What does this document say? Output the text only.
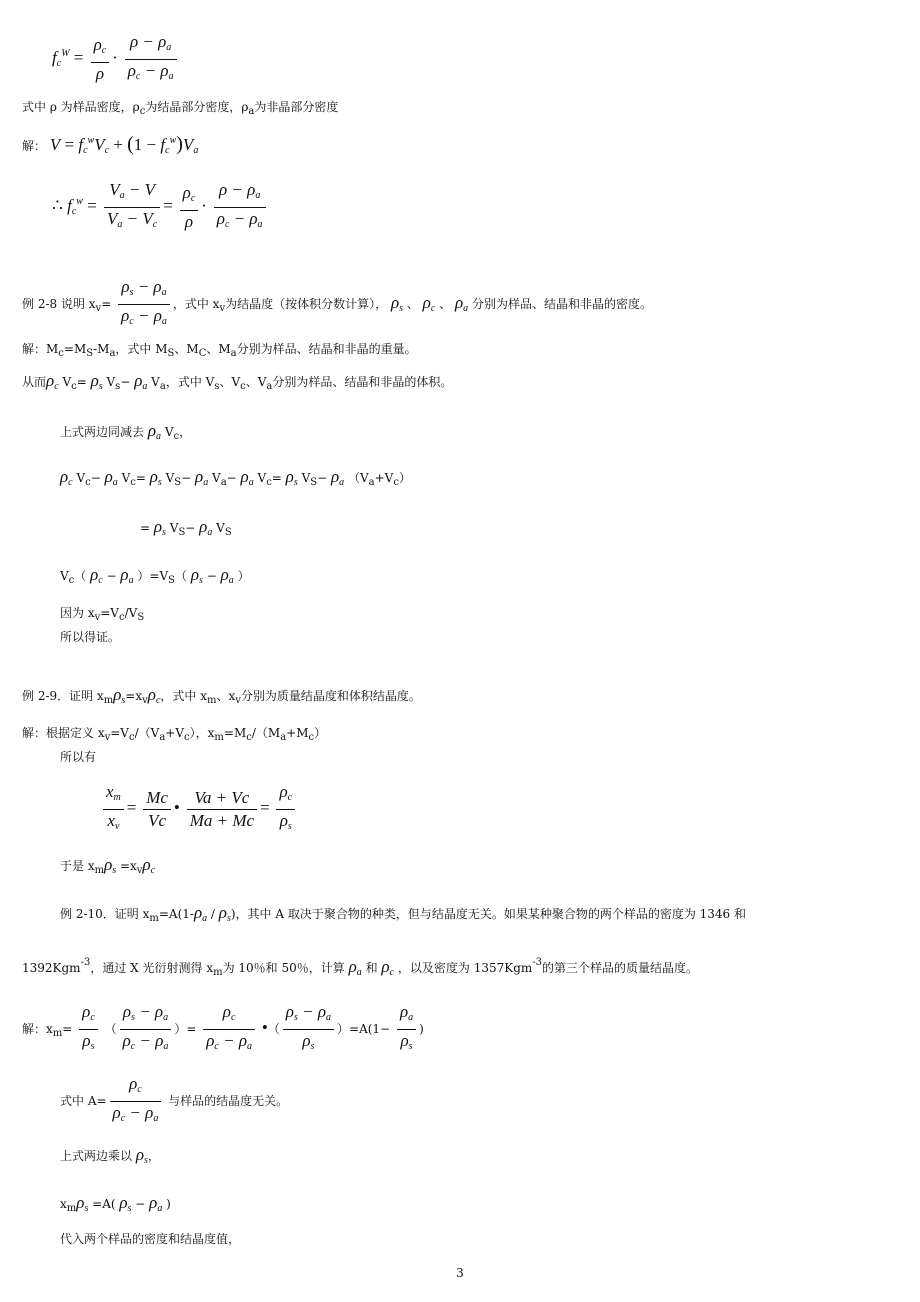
$f_c^W = \frac{\rho_c}{\rho} \cdot \frac{\rho - \rho_a}{\rho_c - \rho_a}$
式中 ρ 为样品密度，$\rho_c$为结晶部分密度，$\rho_a$为非晶部分密度
解： $V = f_c^wV_c + (1 - f_c^w)V_a$
∴ $f_c^w = \frac{V_a - V}{V_a - V_c} = \frac{\rho_c}{\rho} \cdot \frac{\rho - \rho_a}{\rho_c - \rho_a}$
例 2-8 说明 $x_v= \frac{\rho_s - \rho_a}{\rho_c - \rho_a}$ ，式中 $x_v$为结晶度（按体积分数计算）， $\rho_s$ 、 $\rho_c$ 、 $\rho_a$ 分别为样品、结晶和非晶的密度。
解：$M_c=M_S-M_a$，式中 $M_S$、$M_C$、$M_a$分别为样品、结晶和非晶的重量。
从而$\rho_c$ $V_c= \rho_s$ $V_s- \rho_a$ $V_a$，式中 $V_s$、$V_c$、$V_a$分别为样品、结晶和非晶的体积。
上式两边同减去 $\rho_a$ $V_c$，
$\rho_c$ $V_c- \rho_a$ $V_c= \rho_s$ $V_S- \rho_a$ $V_a- \rho_a$ $V_c= \rho_s$ $V_S- \rho_a$ $(V_a+V_c)$
= $\rho_s$ $V_S- \rho_a$ $V_S$
$V_c$（ $\rho_c - \rho_a$ ）$=V_S$（ $\rho_s - \rho_a$ ）
因为 $x_v=V_c/V_S$
所以得证。
例 2-9．证明 $x_m\rho_s=x_v\rho_c$，式中 $x_m$、$x_v$分别为质量结晶度和体积结晶度。
解：根据定义 $x_v=V_c/(V_a+V_c)$，$x_m=M_c/(M_a+M_c)$
所以有
$\frac{x_m}{x_v} = \frac{Mc}{Vc}$ • $\frac{Va + Vc}{Ma + Mc} = \frac{\rho_c}{\rho_s}$
于是 $x_m\rho_s =x_v\rho_c$
例 2-10．证明 $x_m=A(1-\rho_a / \rho_s)$，其中 A 取决于聚合物的种类，但与结晶度无关。如果某种聚合物的两个样品的密度为 1346 和
1392Kgm$^{-3}$，通过 X 光衍射测得 $x_m$为 10％和 50％，计算 $\rho_a$ 和 $\rho_c$ ，以及密度为 1357Kgm$^{-3}$的第三个样品的质量结晶度。
解：$x_m= \frac{\rho_c}{\rho_s}$ （ $\frac{\rho_s - \rho_a}{\rho_c - \rho_a}$ ）= $\frac{\rho_c}{\rho_c - \rho_a}$ •（ $\frac{\rho_s - \rho_a}{\rho_s} )=A(1- \frac{\rho_a}{\rho_s}$ )
式中 $A= \frac{\rho_c}{\rho_c - \rho_a}$ 与样品的结晶度无关。
上式两边乘以 $\rho_s$，
$x_m\rho_s =A$( $\rho_s - \rho_a$ )
代入两个样品的密度和结晶度值，
3
